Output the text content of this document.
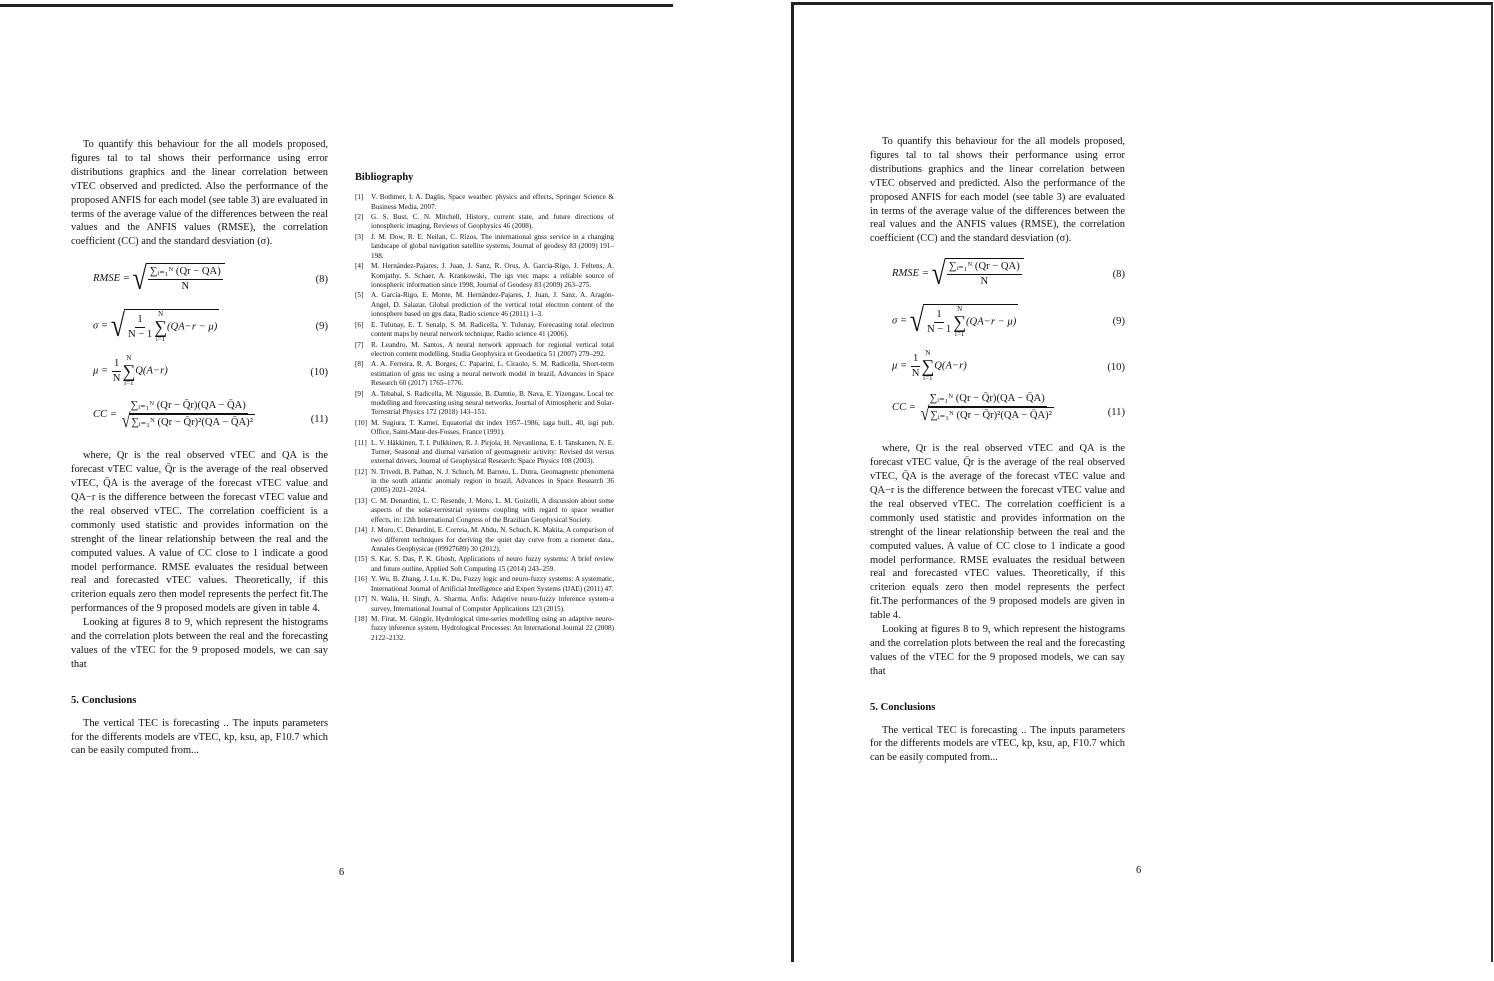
To quantify this behaviour for the all models proposed, figures tal to tal shows their performance using error distributions graphics and the linear correlation between vTEC observed and predicted. Also the performance of the proposed ANFIS for each model (see table 3) are evaluated in terms of the average value of the differences between the real values and the ANFIS values (RMSE), the correlation coefficient (CC) and the standard desviation (σ).

RMSE = √ $\frac{\text{∑ᵢ₌₁ᴺ (Qr − QA)}}{N}$	(8)
σ = √ $\frac{1}{N - 1}$ N
∑
i=1
(QA−r − μ)	(9)
$\mu = \frac{1}{N}$ N
∑
i=1
Q(A−r)	(10)
CC = $\frac{\text{∑ᵢ₌₁ᴺ (Qr − Q̄r)(QA − Q̄A)}}{\text{√ ∑ᵢ₌₁ᴺ (Qr − Q̄r)²(QA − Q̄A)²}}$	(11)

where, Qr is the real observed vTEC and QA is the forecast vTEC value, Q̄r is the average of the real observed vTEC, Q̄A is the average of the forecast vTEC value and QA−r is the difference between the forecast vTEC value and the real observed vTEC. The correlation coefficient is a commonly used statistic and provides information on the strenght of the linear relationship between the real and the computed values. A value of CC close to 1 indicate a good model performance. RMSE evaluates the residual between real and forecasted vTEC values. Theoretically, if this criterion equals zero then model represents the perfect fit.The performances of the 9 proposed models are given in table 4.

Looking at figures 8 to 9, which represent the histograms and the correlation plots between the real and the forecasting values of the vTEC for the 9 proposed models, we can say that

5. Conclusions

The vertical TEC is forecasting .. The inputs parameters for the differents models are vTEC, kp, ksu, ap, F10.7 which can be easily computed from...

6
Bibliography
[1] V. Bothmer, I. A. Daglis, Space weather: physics and effects, Springer Science & Business Media, 2007.
[2] G. S. Bust, C. N. Mitchell, History, current state, and future directions of ionospheric imaging, Reviews of Geophysics 46 (2008).
[3] J. M. Dow, R. E. Neilan, C. Rizos, The international gnss service in a changing landscape of global navigation satellite systems, Journal of geodesy 83 (2009) 191–198.
[4] M. Hernández-Pajares, J. Juan, J. Sanz, R. Orus, A. Garcia-Rigo, J. Feltens, A. Komjathy, S. Schaer, A. Krankowski, The igs vtec maps: a reliable source of ionospheric information since 1998, Journal of Geodesy 83 (2009) 263–275.
[5] A. García-Rigo, E. Monte, M. Hernández-Pajares, J. Juan, J. Sanz, A. Aragón-Angel, D. Salazar, Global prediction of the vertical total electron content of the ionosphere based on gps data, Radio science 46 (2011) 1–3.
[6] E. Tulunay, E. T. Senalp, S. M. Radicella, Y. Tulunay, Forecasting total electron content maps by neural network technique, Radio science 41 (2006).
[7] R. Leandro, M. Santos, A neural network approach for regional vertical total electron content modelling, Studia Geophysica et Geodaetica 51 (2007) 279–292.
[8] A. A. Ferreira, R. A. Borges, C. Paparini, L. Ciraolo, S. M. Radicella, Short-term estimation of gnss tec using a neural network model in brazil, Advances in Space Research 60 (2017) 1765–1776.
[9] A. Tebabal, S. Radicella, M. Nigussie, B. Damtie, B. Nava, E. Yizengaw, Local tec modelling and forecasting using neural networks, Journal of Atmospheric and Solar-Terrestrial Physics 172 (2018) 143–151.
[10] M. Sugiura, T. Kamei, Equatorial dst index 1957–1986, iaga bull., 40, isgi pub. Office, Saint-Maur-des-Fosses, France (1991).
[11] L. V. Häkkinen, T. I. Pulkkinen, R. J. Pirjola, H. Nevanlinna, E. I. Tanskanen, N. E. Turner, Seasonal and diurnal variation of geomagnetic activity: Revised dst versus external drivers, Journal of Geophysical Research: Space Physics 108 (2003).
[12] N. Trivedi, B. Pathan, N. J. Schuch, M. Barreto, L. Dutra, Geomagnetic phenomena in the south atlantic anomaly region in brazil, Advances in Space Research 36 (2005) 2021–2024.
[13] C. M. Denardini, L. C. Resende, J. Moro, L. M. Guizelli, A discussion about some aspects of the solar-terrestrial systems coupling with regard to space weather effects, in: 12th International Congress of the Brazilian Geophysical Society.
[14] J. Moro, C. Denardini, E. Correia, M. Abdu, N. Schuch, K. Makita, A comparison of two different techniques for deriving the quiet day curve from a riometer data., Annales Geophysicae (09927689) 30 (2012).
[15] S. Kar, S. Das, P. K. Ghosh, Applications of neuro fuzzy systems: A brief review and future outline, Applied Soft Computing 15 (2014) 243–259.
[16] Y. Wu, B. Zhang, J. Lu, K. Du, Fuzzy logic and neuro-fuzzy systems: A systematic, International Journal of Artificial Intelligence and Expert Systems (IJAE) (2011) 47.
[17] N. Walia, H. Singh, A. Sharma, Anfis: Adaptive neuro-fuzzy inference system-a survey, International Journal of Computer Applications 123 (2015).
[18] M. Firat, M. Güngör, Hydrological time-series modelling using an adaptive neuro-fuzzy inference system, Hydrological Processes: An International Journal 22 (2008) 2122–2132.

To quantify this behaviour for the all models proposed, figures tal to tal shows their performance using error distributions graphics and the linear correlation between vTEC observed and predicted. Also the performance of the proposed ANFIS for each model (see table 3) are evaluated in terms of the average value of the differences between the real values and the ANFIS values (RMSE), the correlation coefficient (CC) and the standard desviation (σ).

RMSE = √ $\frac{\text{∑ᵢ₌₁ᴺ (Qr − QA)}}{N}$	(8)
σ = √ $\frac{1}{N - 1}$ N
∑
i=1
(QA−r − μ)	(9)
$\mu = \frac{1}{N}$ N
∑
i=1
Q(A−r)	(10)
CC = $\frac{\text{∑ᵢ₌₁ᴺ (Qr − Q̄r)(QA − Q̄A)}}{\text{√ ∑ᵢ₌₁ᴺ (Qr − Q̄r)²(QA − Q̄A)²}}$	(11)

where, Qr is the real observed vTEC and QA is the forecast vTEC value, Q̄r is the average of the real observed vTEC, Q̄A is the average of the forecast vTEC value and QA−r is the difference between the forecast vTEC value and the real observed vTEC. The correlation coefficient is a commonly used statistic and provides information on the strenght of the linear relationship between the real and the computed values. A value of CC close to 1 indicate a good model performance. RMSE evaluates the residual between real and forecasted vTEC values. Theoretically, if this criterion equals zero then model represents the perfect fit.The performances of the 9 proposed models are given in table 4.

Looking at figures 8 to 9, which represent the histograms and the correlation plots between the real and the forecasting values of the vTEC for the 9 proposed models, we can say that

5. Conclusions

The vertical TEC is forecasting .. The inputs parameters for the differents models are vTEC, kp, ksu, ap, F10.7 which can be easily computed from...

6
